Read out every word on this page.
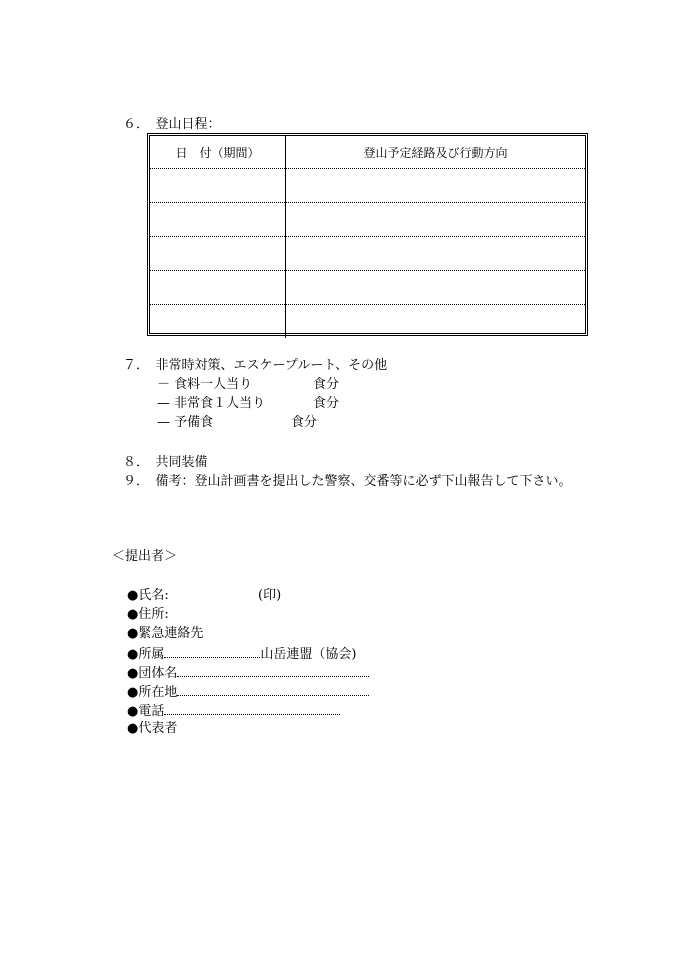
６．　登山日程：
日　付（期間）	登山予定経路及び行動方向

７．　非常時対策、エスケープルート、その他
－ 食料一人当り	食分
— 非常食１人当り	食分
— 予備食	食分
８．　共同装備
９．　備考：登山計画書を提出した警察、交番等に必ず下山報告して下さい。
＜提出者＞
●氏名:	(印)
●住所:
●緊急連絡先
●所属	山岳連盟（協会)
●団体名
●所在地
●電話
●代表者
